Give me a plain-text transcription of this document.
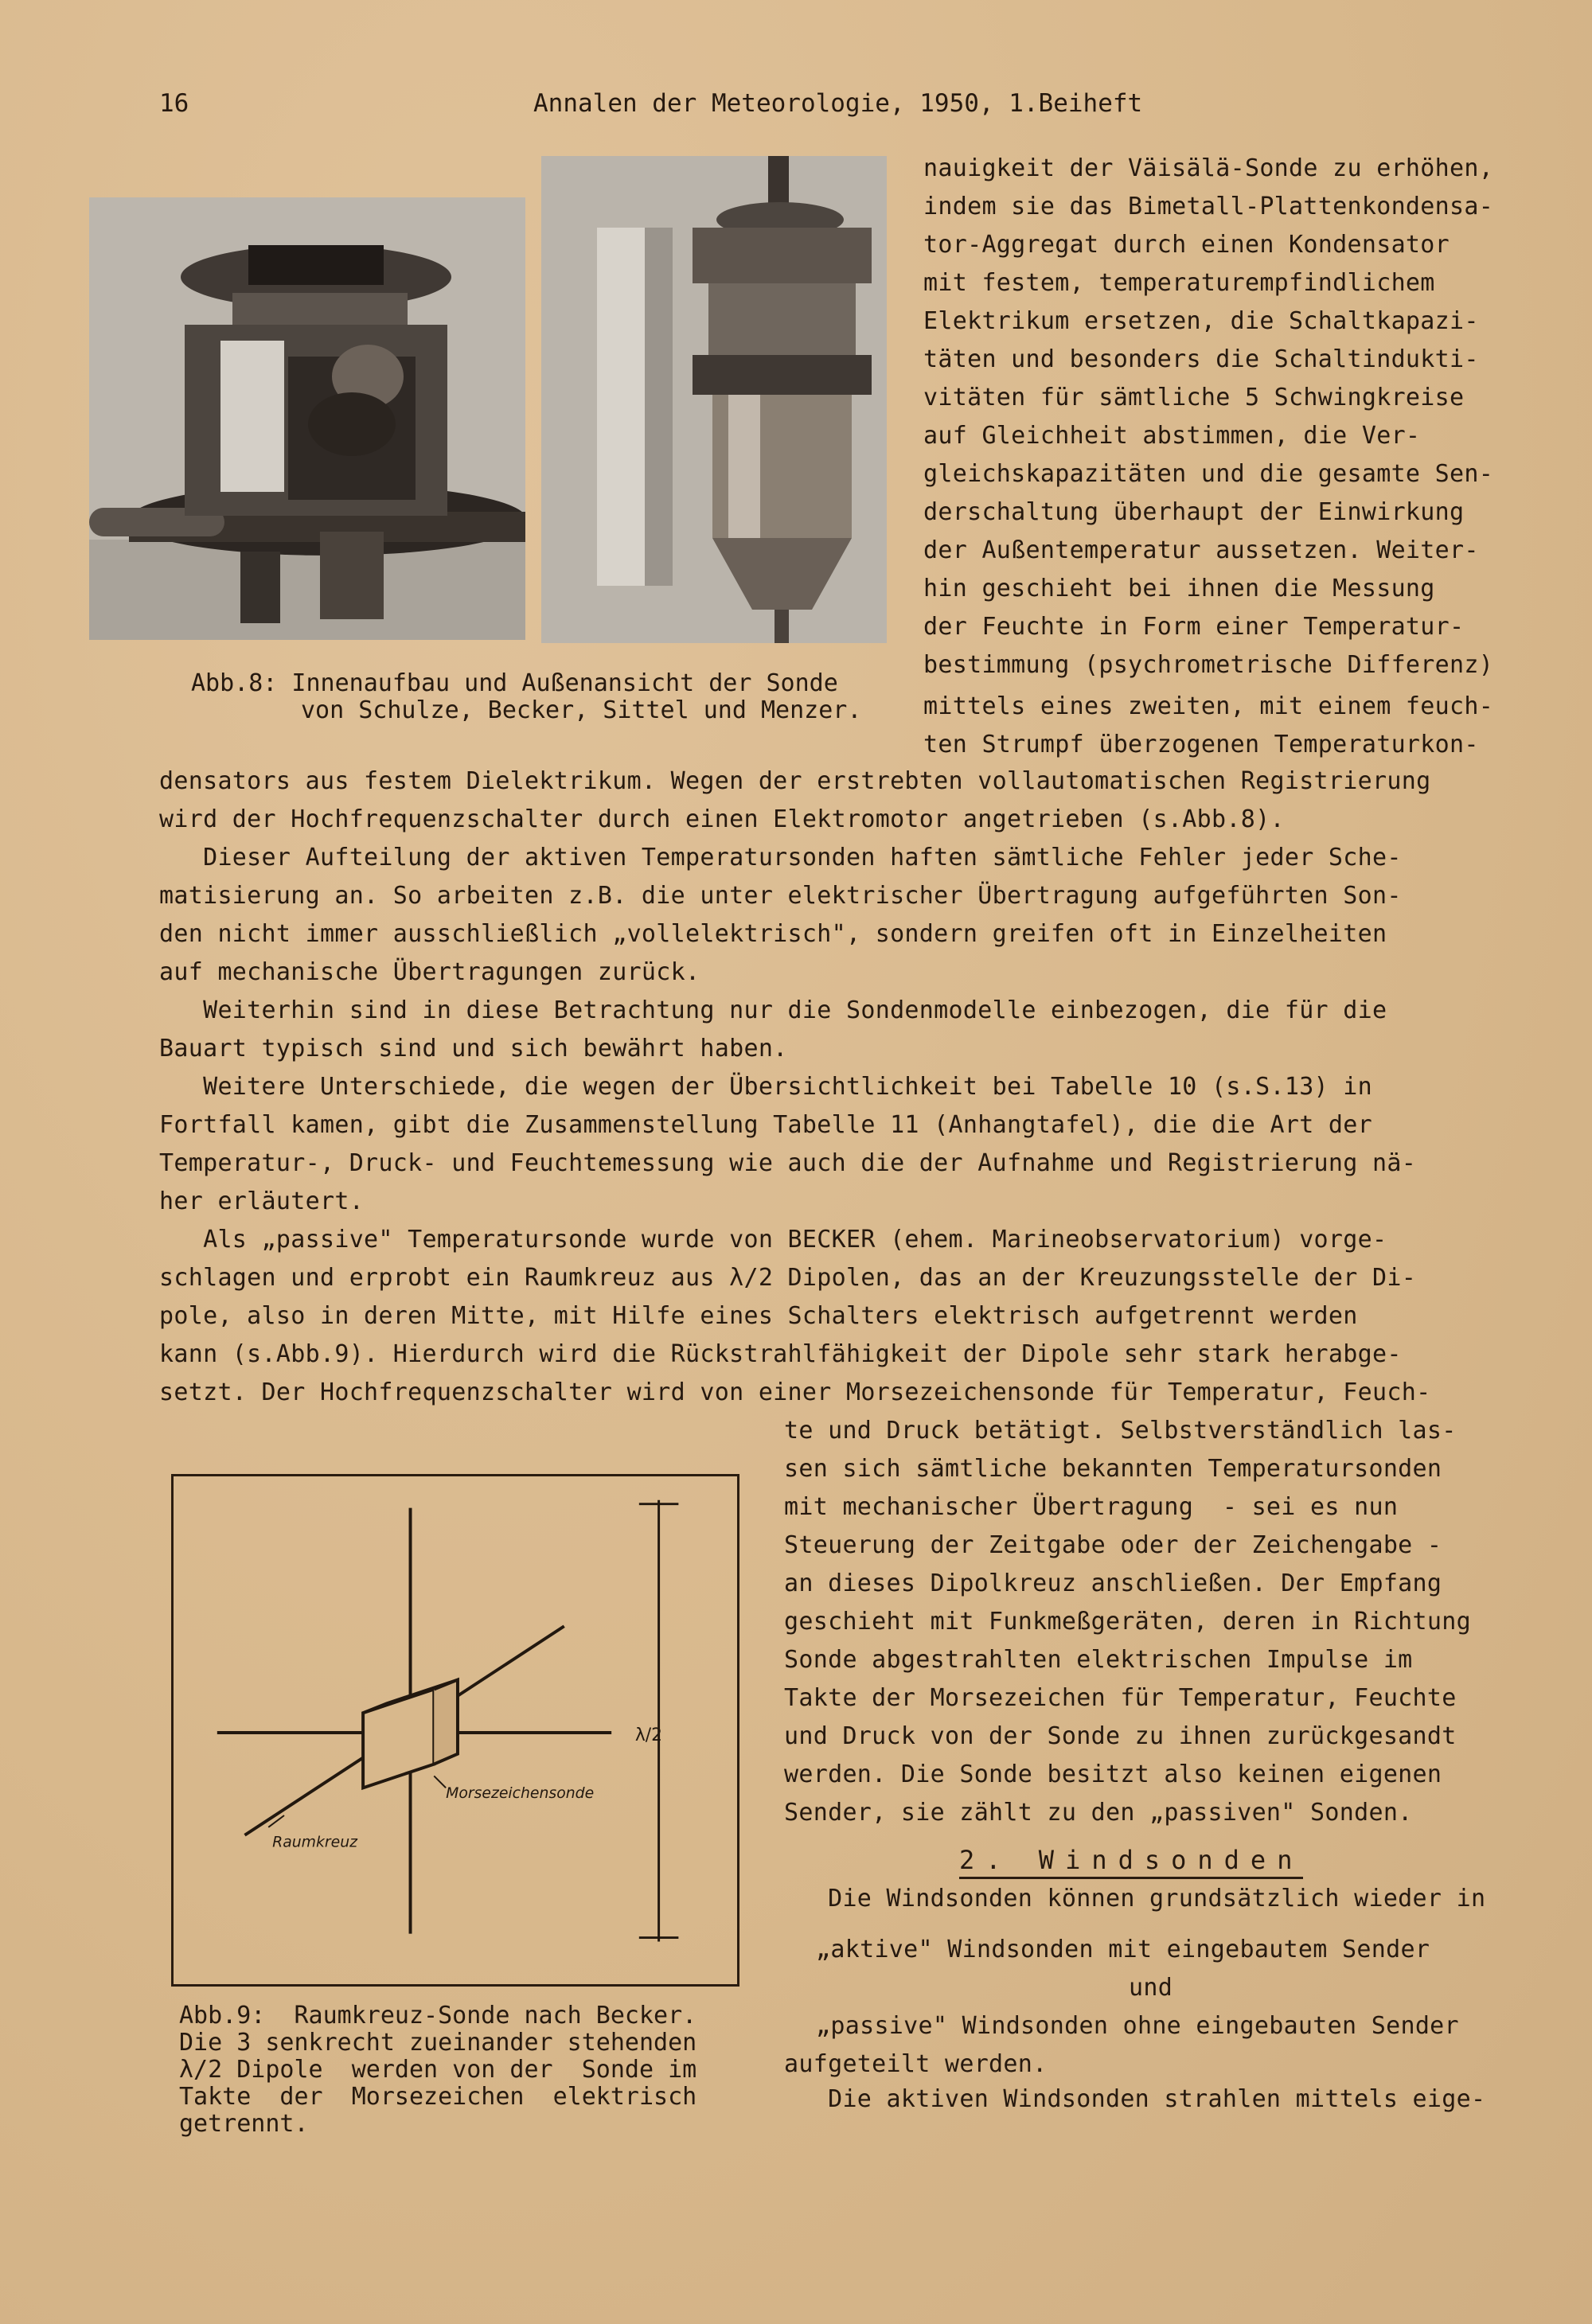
16	Annalen der Meteorologie, 1950, 1.Beiheft
Abb.8: Innenaufbau und Außenansicht der Sonde
von Schulze, Becker, Sittel und Menzer.
nauigkeit der Väisälä-Sonde zu erhöhen,
indem sie das Bimetall-Plattenkondensa-
tor-Aggregat durch einen Kondensator
mit festem, temperaturempfindlichem
Elektrikum ersetzen, die Schaltkapazi-
täten und besonders die Schaltindukti-
vitäten für sämtliche 5 Schwingkreise
auf Gleichheit abstimmen, die Ver-
gleichskapazitäten und die gesamte Sen-
derschaltung überhaupt der Einwirkung
der Außentemperatur aussetzen. Weiter-
hin geschieht bei ihnen die Messung
der Feuchte in Form einer Temperatur-
bestimmung (psychrometrische Differenz)
mittels eines zweiten, mit einem feuch-
ten Strumpf überzogenen Temperaturkon-
densators aus festem Dielektrikum. Wegen der erstrebten vollautomatischen Registrierung
wird der Hochfrequenzschalter durch einen Elektromotor angetrieben (s.Abb.8).
Dieser Aufteilung der aktiven Temperatursonden haften sämtliche Fehler jeder Sche-
matisierung an. So arbeiten z.B. die unter elektrischer Übertragung aufgeführten Son-
den nicht immer ausschließlich „vollelektrisch", sondern greifen oft in Einzelheiten
auf mechanische Übertragungen zurück.
Weiterhin sind in diese Betrachtung nur die Sondenmodelle einbezogen, die für die
Bauart typisch sind und sich bewährt haben.
Weitere Unterschiede, die wegen der Übersichtlichkeit bei Tabelle 10 (s.S.13) in
Fortfall kamen, gibt die Zusammenstellung Tabelle 11 (Anhangtafel), die die Art der
Temperatur-, Druck- und Feuchtemessung wie auch die der Aufnahme und Registrierung nä-
her erläutert.
Als „passive" Temperatursonde wurde von BECKER (ehem. Marineobservatorium) vorge-
schlagen und erprobt ein Raumkreuz aus λ/2 Dipolen, das an der Kreuzungsstelle der Di-
pole, also in deren Mitte, mit Hilfe eines Schalters elektrisch aufgetrennt werden
kann (s.Abb.9). Hierdurch wird die Rückstrahlfähigkeit der Dipole sehr stark herabge-
setzt. Der Hochfrequenzschalter wird von einer Morsezeichensonde für Temperatur, Feuch-
Morsezeichensonde
Raumkreuz
λ/2
Abb.9:  Raumkreuz-Sonde nach Becker.
Die 3 senkrecht zueinander stehenden
λ/2 Dipole  werden von der  Sonde im
Takte  der  Morsezeichen  elektrisch
getrennt.
te und Druck betätigt. Selbstverständlich las-
sen sich sämtliche bekannten Temperatursonden
mit mechanischer Übertragung  - sei es nun
Steuerung der Zeitgabe oder der Zeichengabe -
an dieses Dipolkreuz anschließen. Der Empfang
geschieht mit Funkmeßgeräten, deren in Richtung
Sonde abgestrahlten elektrischen Impulse im
Takte der Morsezeichen für Temperatur, Feuchte
und Druck von der Sonde zu ihnen zurückgesandt
werden. Die Sonde besitzt also keinen eigenen
Sender, sie zählt zu den „passiven" Sonden.
2. Windsonden
Die Windsonden können grundsätzlich wieder in
„aktive" Windsonden mit eingebautem Sender
und
„passive" Windsonden ohne eingebauten Sender
aufgeteilt werden.
Die aktiven Windsonden strahlen mittels eige-
